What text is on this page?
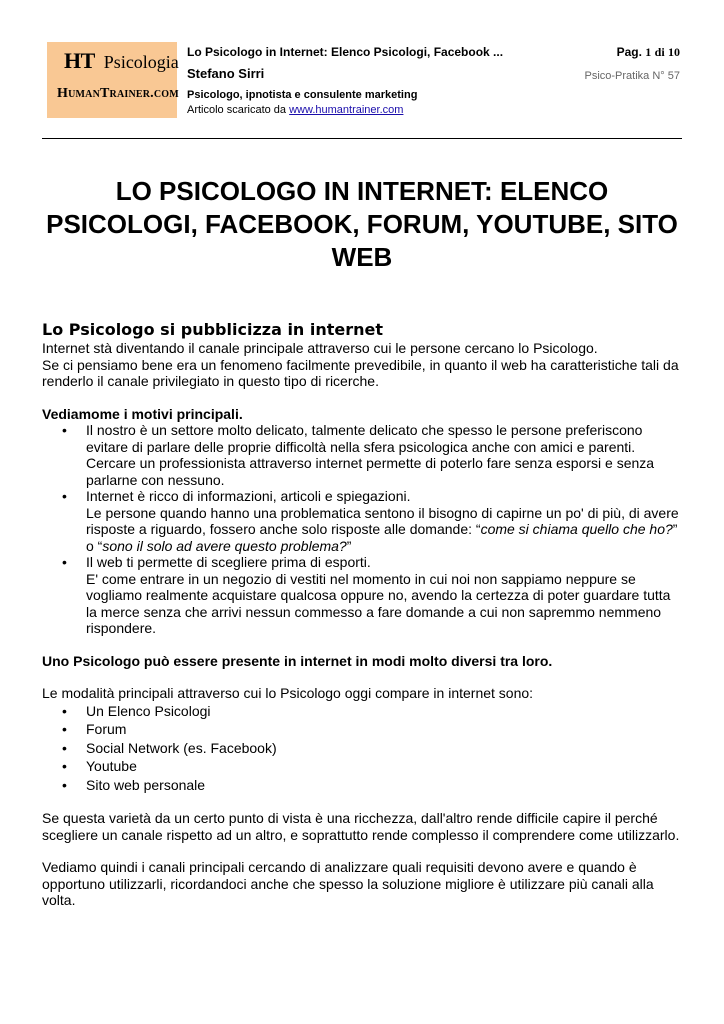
HT Psicologia
HumanTrainer.com
Lo Psicologo in Internet: Elenco Psicologi, Facebook ...
Stefano Sirri
Psicologo, ipnotista e consulente marketing
Articolo scaricato da www.humantrainer.com
Pag. 1 di 10
Psico-Pratika N° 57
LO PSICOLOGO IN INTERNET: ELENCO PSICOLOGI, FACEBOOK, FORUM, YOUTUBE, SITO WEB
Lo Psicologo si pubblicizza in internet

Internet stà diventando il canale principale attraverso cui le persone cercano lo Psicologo.

Se ci pensiamo bene era un fenomeno facilmente prevedibile, in quanto il web ha caratteristiche tali da renderlo il canale privilegiato in questo tipo di ricerche.

Vediamome i motivi principali.

• Il nostro è un settore molto delicato, talmente delicato che spesso le persone preferiscono evitare di parlare delle proprie difficoltà nella sfera psicologica anche con amici e parenti.
Cercare un professionista attraverso internet permette di poterlo fare senza esporsi e senza parlarne con nessuno.
• Internet è ricco di informazioni, articoli e spiegazioni.
Le persone quando hanno una problematica sentono il bisogno di capirne un po' di più, di avere risposte a riguardo, fossero anche solo risposte alle domande: “come si chiama quello che ho?” o “sono il solo ad avere questo problema?”
• Il web ti permette di scegliere prima di esporti.
E' come entrare in un negozio di vestiti nel momento in cui noi non sappiamo neppure se vogliamo realmente acquistare qualcosa oppure no, avendo la certezza di poter guardare tutta la merce senza che arrivi nessun commesso a fare domande a cui non sapremmo nemmeno rispondere.

Uno Psicologo può essere presente in internet in modi molto diversi tra loro.

Le modalità principali attraverso cui lo Psicologo oggi compare in internet sono:

• Un Elenco Psicologi
• Forum
• Social Network (es. Facebook)
• Youtube
• Sito web personale

Se questa varietà da un certo punto di vista è una ricchezza, dall'altro rende difficile capire il perché scegliere un canale rispetto ad un altro, e soprattutto rende complesso il comprendere come utilizzarlo.

Vediamo quindi i canali principali cercando di analizzare quali requisiti devono avere e quando è opportuno utilizzarli, ricordandoci anche che spesso la soluzione migliore è utilizzare più canali alla volta.
